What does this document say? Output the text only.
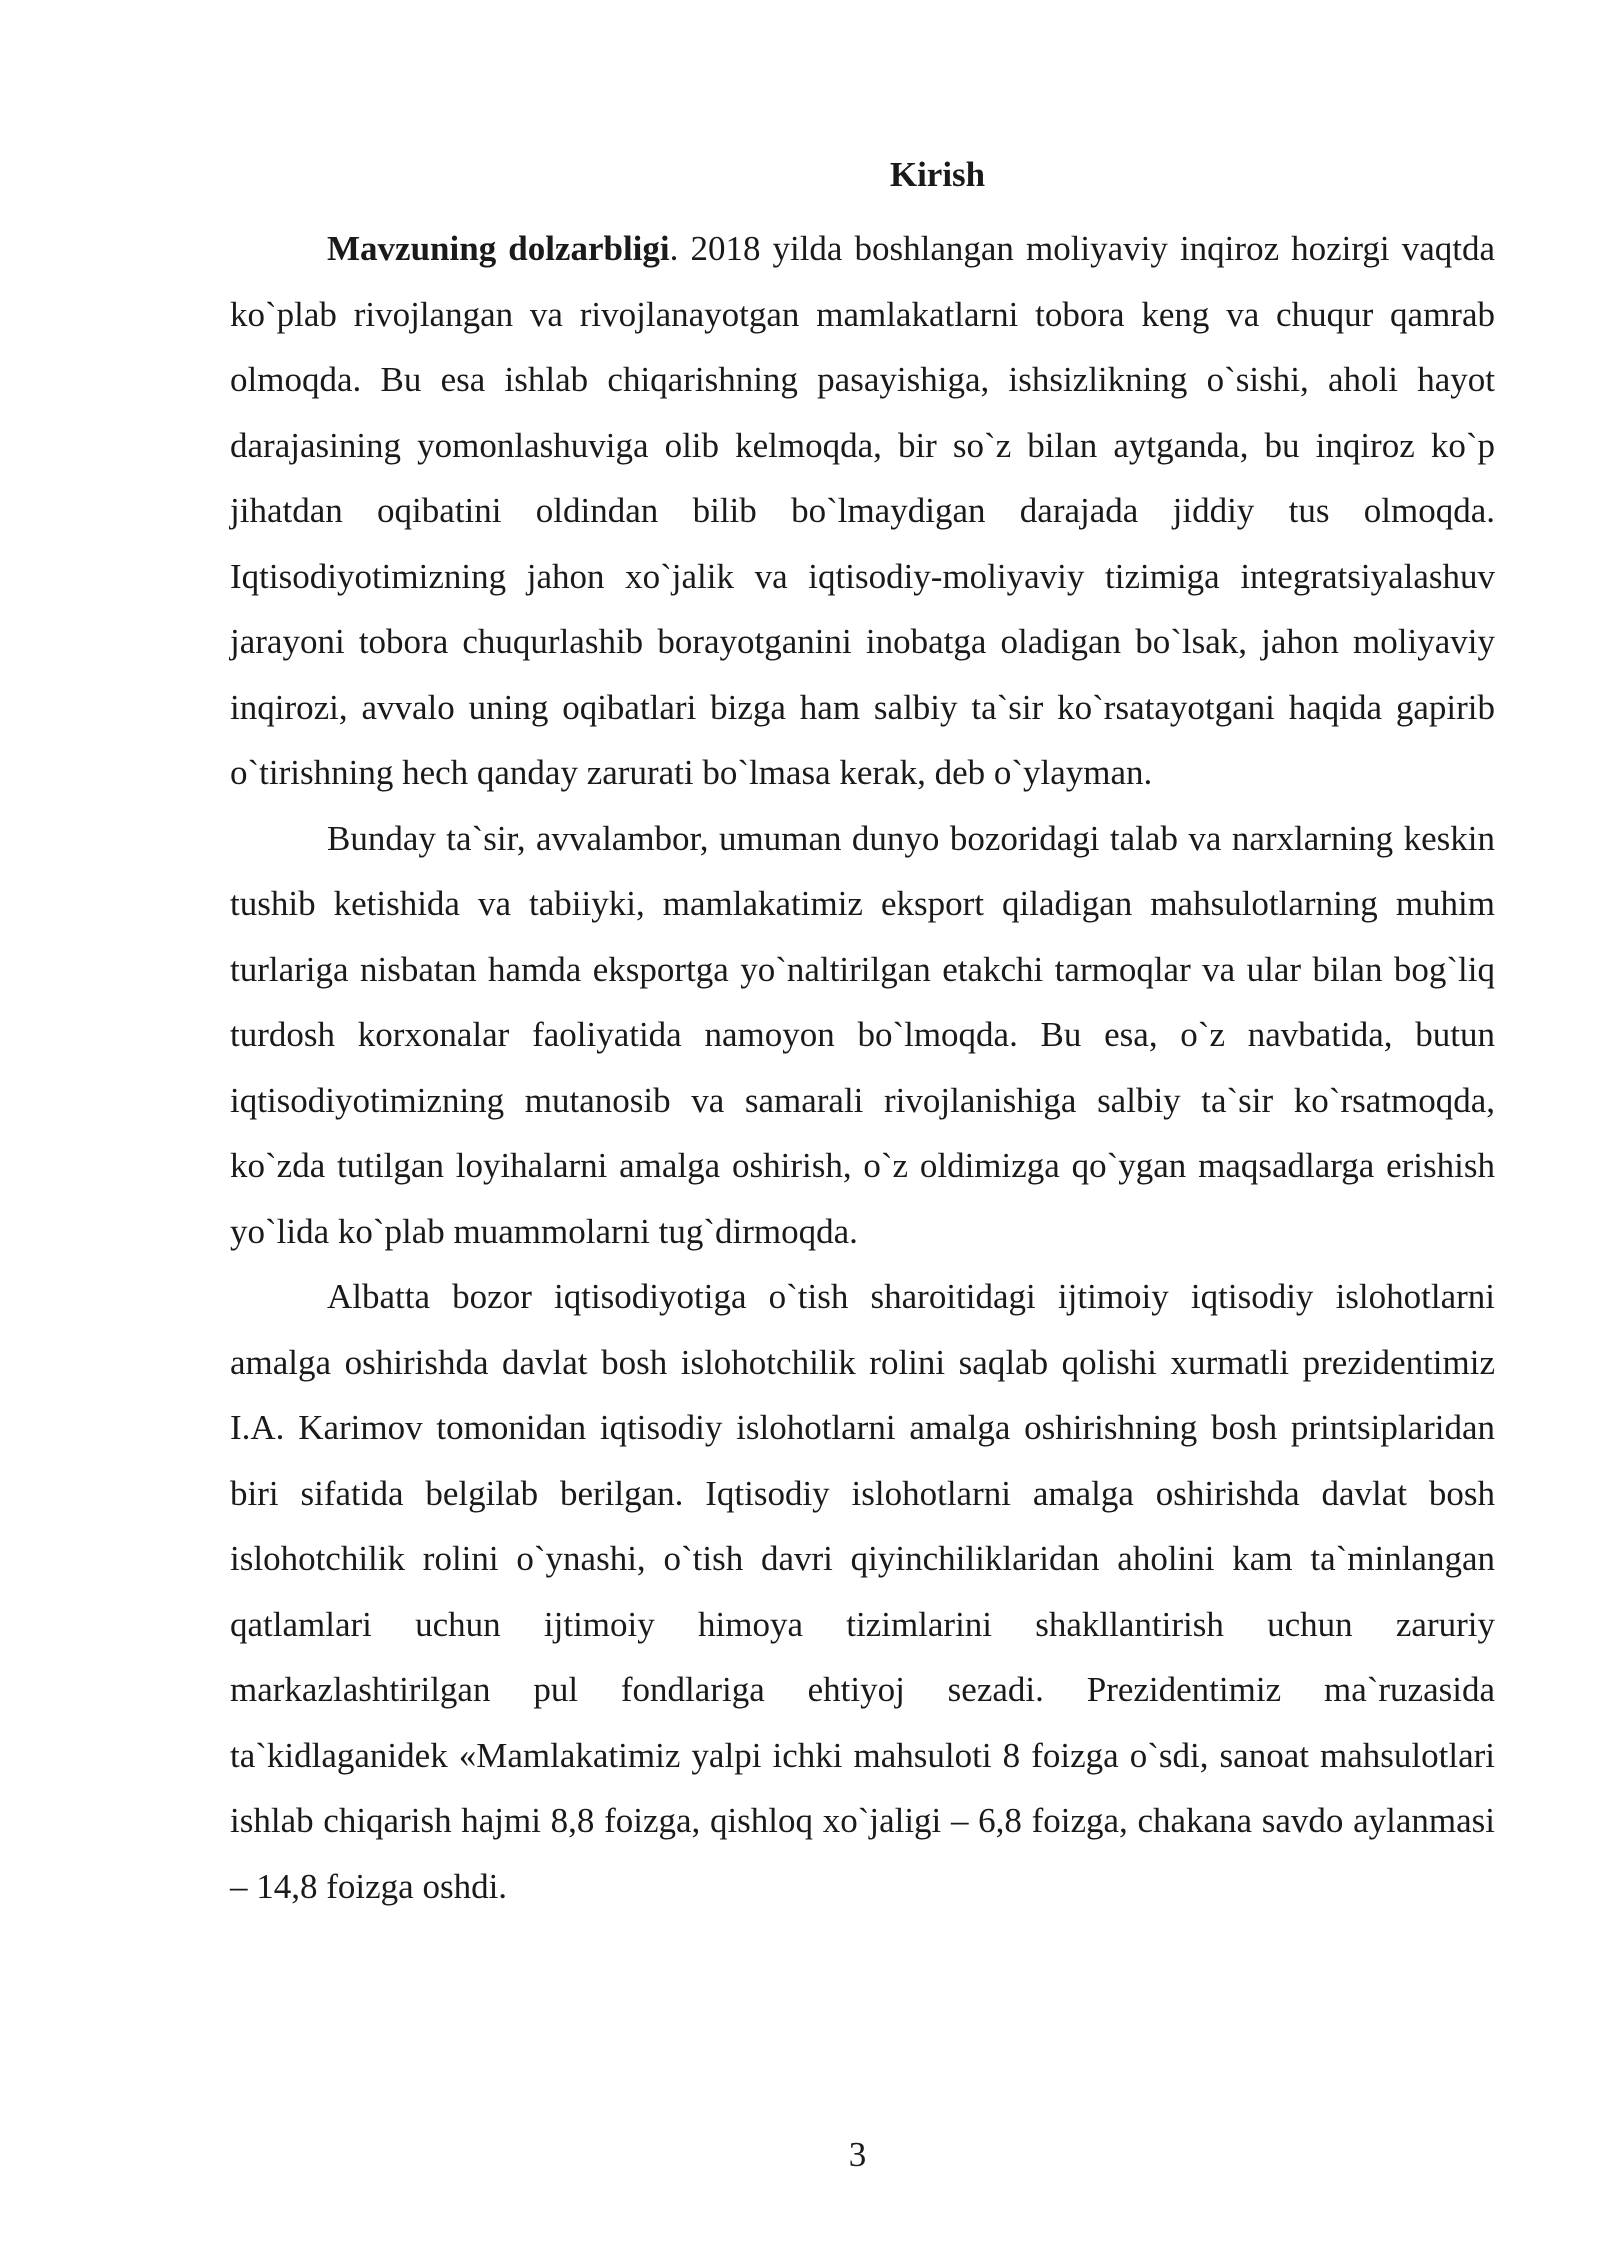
Kirish

Mavzuning dolzarbligi. 2018 yilda boshlangan moliyaviy inqiroz hozirgi vaqtda ko`plab rivojlangan va rivojlanayotgan mamlakatlarni tobora keng va chuqur qamrab olmoqda. Bu esa ishlab chiqarishning pasayishiga, ishsizlikning o`sishi, aholi hayot darajasining yomonlashuviga olib kelmoqda, bir so`z bilan aytganda, bu inqiroz ko`p jihatdan oqibatini oldindan bilib bo`lmaydigan darajada jiddiy tus olmoqda. Iqtisodiyotimizning jahon xo`jalik va iqtisodiy-moliyaviy tizimiga integratsiyalashuv jarayoni tobora chuqurlashib borayotganini inobatga oladigan bo`lsak, jahon moliyaviy inqirozi, avvalo uning oqibatlari bizga ham salbiy ta`sir ko`rsatayotgani haqida gapirib o`tirishning hech qanday zarurati bo`lmasa kerak, deb o`ylayman.

Bunday ta`sir, avvalambor, umuman dunyo bozoridagi talab va narxlarning keskin tushib ketishida va tabiiyki, mamlakatimiz eksport qiladigan mahsulotlarning muhim turlariga nisbatan hamda eksportga yo`naltirilgan etakchi tarmoqlar va ular bilan bog`liq turdosh korxonalar faoliyatida namoyon bo`lmoqda. Bu esa, o`z navbatida, butun iqtisodiyotimizning mutanosib va samarali rivojlanishiga salbiy ta`sir ko`rsatmoqda, ko`zda tutilgan loyihalarni amalga oshirish, o`z oldimizga qo`ygan maqsadlarga erishish yo`lida ko`plab muammolarni tug`dirmoqda.

Albatta bozor iqtisodiyotiga o`tish sharoitidagi ijtimoiy iqtisodiy islohotlarni amalga oshirishda davlat bosh islohotchilik rolini saqlab qolishi xurmatli prezidentimiz I.A. Karimov tomonidan iqtisodiy islohotlarni amalga oshirishning bosh printsiplaridan biri sifatida belgilab berilgan. Iqtisodiy islohotlarni amalga oshirishda davlat bosh islohotchilik rolini o`ynashi, o`tish davri qiyinchiliklaridan aholini kam ta`minlangan qatlamlari uchun ijtimoiy himoya tizimlarini shakllantirish uchun zaruriy markazlashtirilgan pul fondlariga ehtiyoj sezadi. Prezidentimiz ma`ruzasida ta`kidlaganidek «Mamlakatimiz yalpi ichki mahsuloti 8 foizga o`sdi, sanoat mahsulotlari ishlab chiqarish hajmi 8,8 foizga, qishloq xo`jaligi – 6,8 foizga, chakana savdo aylanmasi – 14,8 foizga oshdi.

3
